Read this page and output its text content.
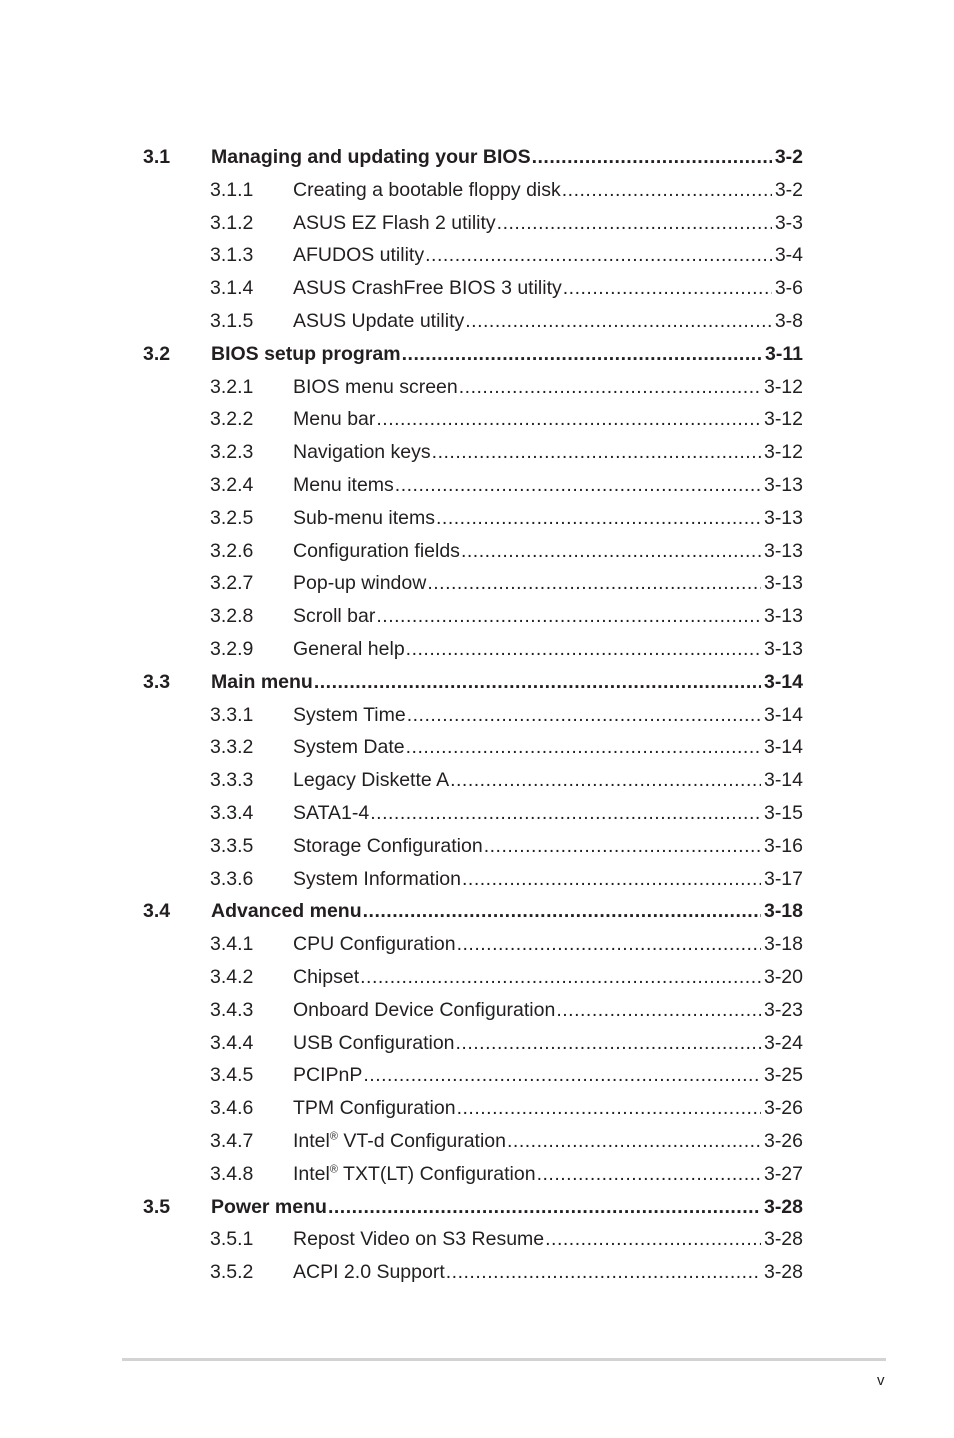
3.1 Managing and updating your BIOS .....	3-2
3.1.1 Creating a bootable floppy disk .....	3-2
3.1.2 ASUS EZ Flash 2 utility .....	3-3
3.1.3 AFUDOS utility .....	3-4
3.1.4 ASUS CrashFree BIOS 3 utility .....	3-6
3.1.5 ASUS Update utility .....	3-8
3.2 BIOS setup program .....	3-11
3.2.1 BIOS menu screen .....	3-12
3.2.2 Menu bar .....	3-12
3.2.3 Navigation keys .....	3-12
3.2.4 Menu items .....	3-13
3.2.5 Sub-menu items .....	3-13
3.2.6 Configuration fields .....	3-13
3.2.7 Pop-up window .....	3-13
3.2.8 Scroll bar .....	3-13
3.2.9 General help .....	3-13
3.3 Main menu .....	3-14
3.3.1 System Time .....	3-14
3.3.2 System Date .....	3-14
3.3.3 Legacy Diskette A .....	3-14
3.3.4 SATA1-4 .....	3-15
3.3.5 Storage Configuration .....	3-16
3.3.6 System Information .....	3-17
3.4 Advanced menu .....	3-18
3.4.1 CPU Configuration .....	3-18
3.4.2 Chipset .....	3-20
3.4.3 Onboard Device Configuration .....	3-23
3.4.4 USB Configuration .....	3-24
3.4.5 PCIPnP .....	3-25
3.4.6 TPM Configuration .....	3-26
3.4.7 Intel® VT-d Configuration .....	3-26
3.4.8 Intel® TXT(LT) Configuration .....	3-27
3.5 Power menu .....	3-28
3.5.1 Repost Video on S3 Resume .....	3-28
3.5.2 ACPI 2.0 Support .....	3-28
v
